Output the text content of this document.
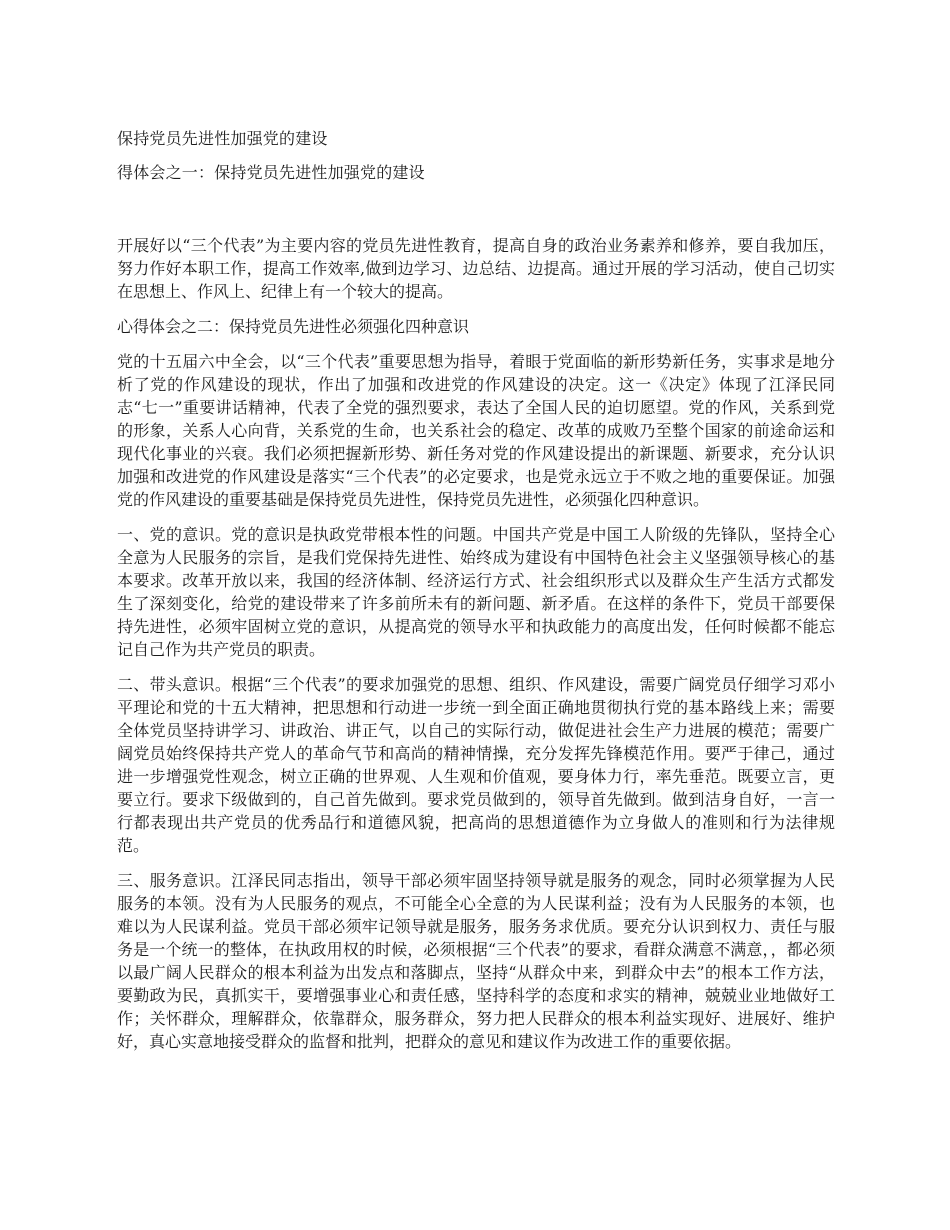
保持党员先进性加强党的建设
得体会之一：保持党员先进性加强党的建设

开展好以“三个代表”为主要内容的党员先进性教育，提高自身的政治业务素养和修养，要自我加压，努力作好本职工作，提高工作效率,做到边学习、边总结、边提高。通过开展的学习活动，使自己切实在思想上、作风上、纪律上有一个较大的提高。

心得体会之二：保持党员先进性必须强化四种意识

党的十五届六中全会，以“三个代表”重要思想为指导，着眼于党面临的新形势新任务，实事求是地分析了党的作风建设的现状，作出了加强和改进党的作风建设的决定。这一《决定》体现了江泽民同志“七一”重要讲话精神，代表了全党的强烈要求，表达了全国人民的迫切愿望。党的作风，关系到党的形象，关系人心向背，关系党的生命，也关系社会的稳定、改革的成败乃至整个国家的前途命运和现代化事业的兴衰。我们必须把握新形势、新任务对党的作风建设提出的新课题、新要求，充分认识加强和改进党的作风建设是落实“三个代表”的必定要求，也是党永远立于不败之地的重要保证。加强党的作风建设的重要基础是保持党员先进性，保持党员先进性，必须强化四种意识。

一、党的意识。党的意识是执政党带根本性的问题。中国共产党是中国工人阶级的先锋队，坚持全心全意为人民服务的宗旨，是我们党保持先进性、始终成为建设有中国特色社会主义坚强领导核心的基本要求。改革开放以来，我国的经济体制、经济运行方式、社会组织形式以及群众生产生活方式都发生了深刻变化，给党的建设带来了许多前所未有的新问题、新矛盾。在这样的条件下，党员干部要保持先进性，必须牢固树立党的意识，从提高党的领导水平和执政能力的高度出发，任何时候都不能忘记自己作为共产党员的职责。

二、带头意识。根据“三个代表”的要求加强党的思想、组织、作风建设，需要广阔党员仔细学习邓小平理论和党的十五大精神，把思想和行动进一步统一到全面正确地贯彻执行党的基本路线上来；需要全体党员坚持讲学习、讲政治、讲正气，以自己的实际行动，做促进社会生产力进展的模范；需要广阔党员始终保持共产党人的革命气节和高尚的精神情操，充分发挥先锋模范作用。要严于律己，通过进一步增强党性观念，树立正确的世界观、人生观和价值观，要身体力行，率先垂范。既要立言，更要立行。要求下级做到的，自己首先做到。要求党员做到的，领导首先做到。做到洁身自好，一言一行都表现出共产党员的优秀品行和道德风貌，把高尚的思想道德作为立身做人的准则和行为法律规范。

三、服务意识。江泽民同志指出，领导干部必须牢固坚持领导就是服务的观念，同时必须掌握为人民服务的本领。没有为人民服务的观点，不可能全心全意的为人民谋利益；没有为人民服务的本领，也难以为人民谋利益。党员干部必须牢记领导就是服务，服务务求优质。要充分认识到权力、责任与服务是一个统一的整体，在执政用权的时候，必须根据“三个代表”的要求，看群众满意不满意，，都必须以最广阔人民群众的根本利益为出发点和落脚点，坚持“从群众中来，到群众中去”的根本工作方法，要勤政为民，真抓实干，要增强事业心和责任感，坚持科学的态度和求实的精神，兢兢业业地做好工作；关怀群众，理解群众，依靠群众，服务群众，努力把人民群众的根本利益实现好、进展好、维护好，真心实意地接受群众的监督和批判，把群众的意见和建议作为改进工作的重要依据。
